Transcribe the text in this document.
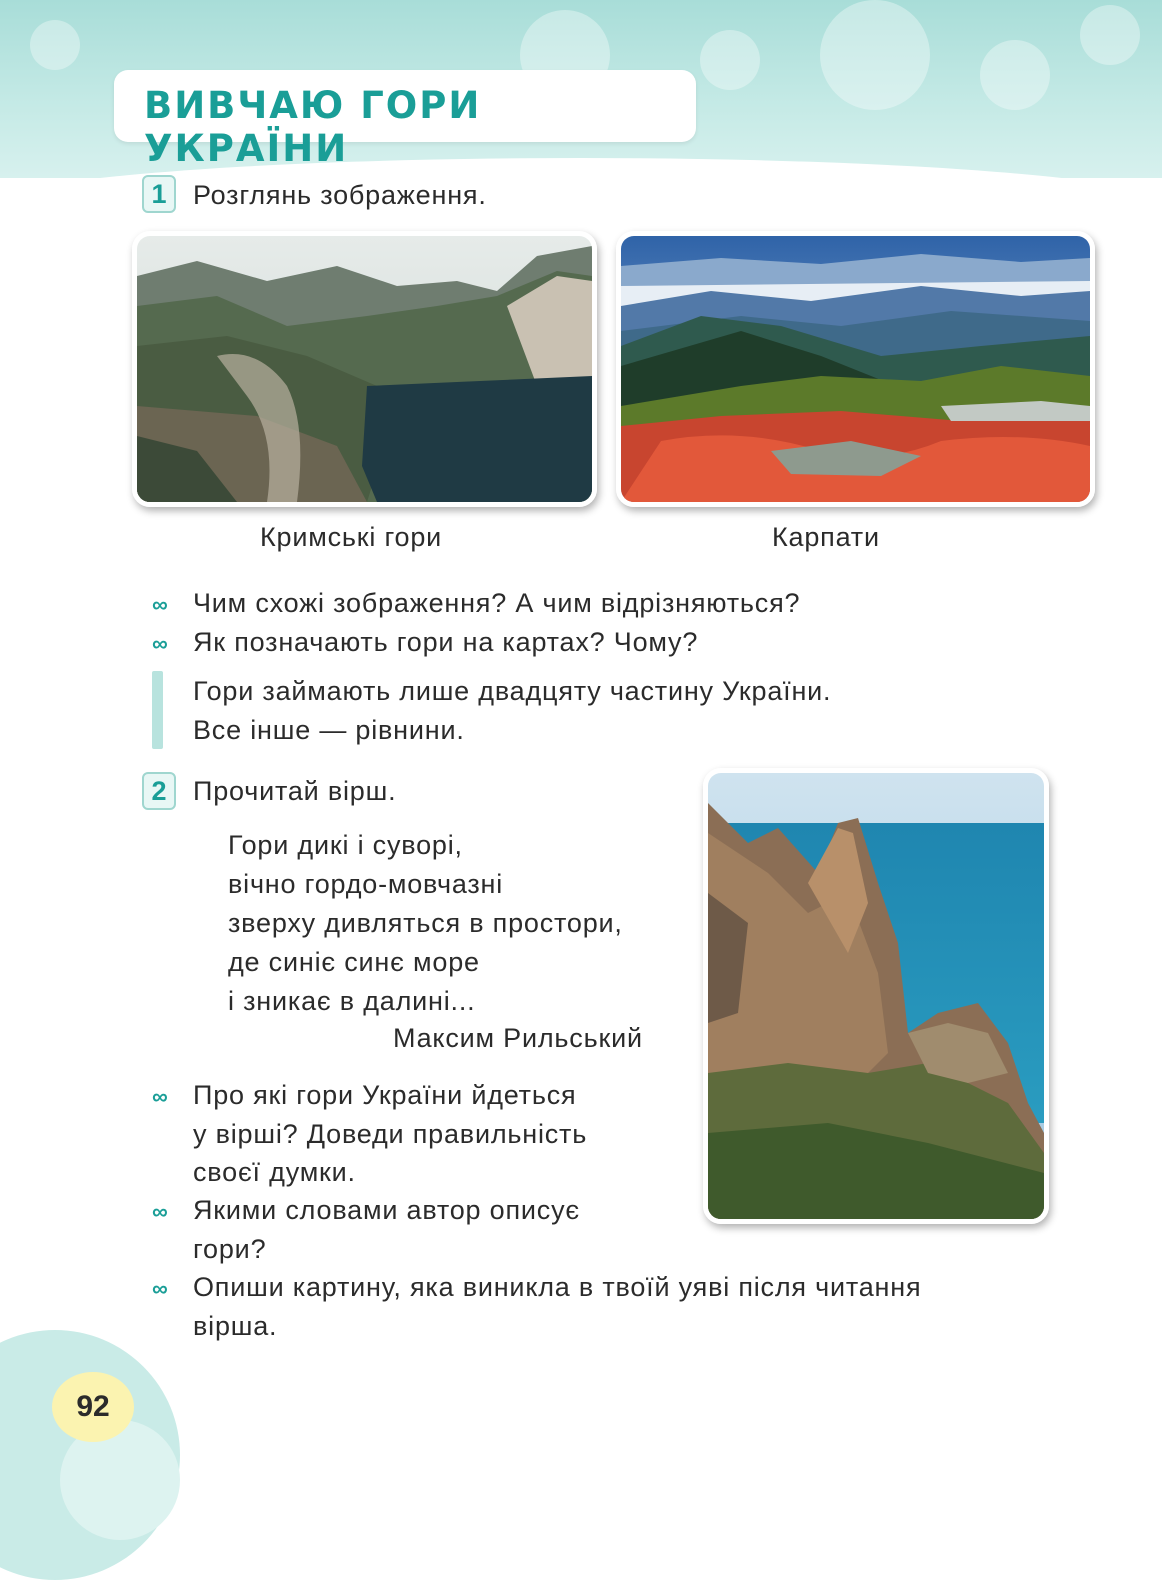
ВИВЧАЮ ГОРИ УКРАЇНИ
1 Розглянь зображення.
Кримські гори	Карпати
∞ Чим схожі зображення? А чим відрізняються?
∞ Як позначають гори на картах? Чому?
Гори займають лише двадцяту частину України.
Все інше — рівнини.
2 Прочитай вірш.
Гори дикі і суворі,
вічно гордо-мовчазні
зверху дивляться в простори,
де синіє синє море
і зникає в далині...
Максим Рильський
∞ Про які гори України йдеться
у вірші? Доведи правильність
своєї думки.
∞ Якими словами автор описує
гори?
∞ Опиши картину, яка виникла в твоїй уяві після читання
вірша.
92
